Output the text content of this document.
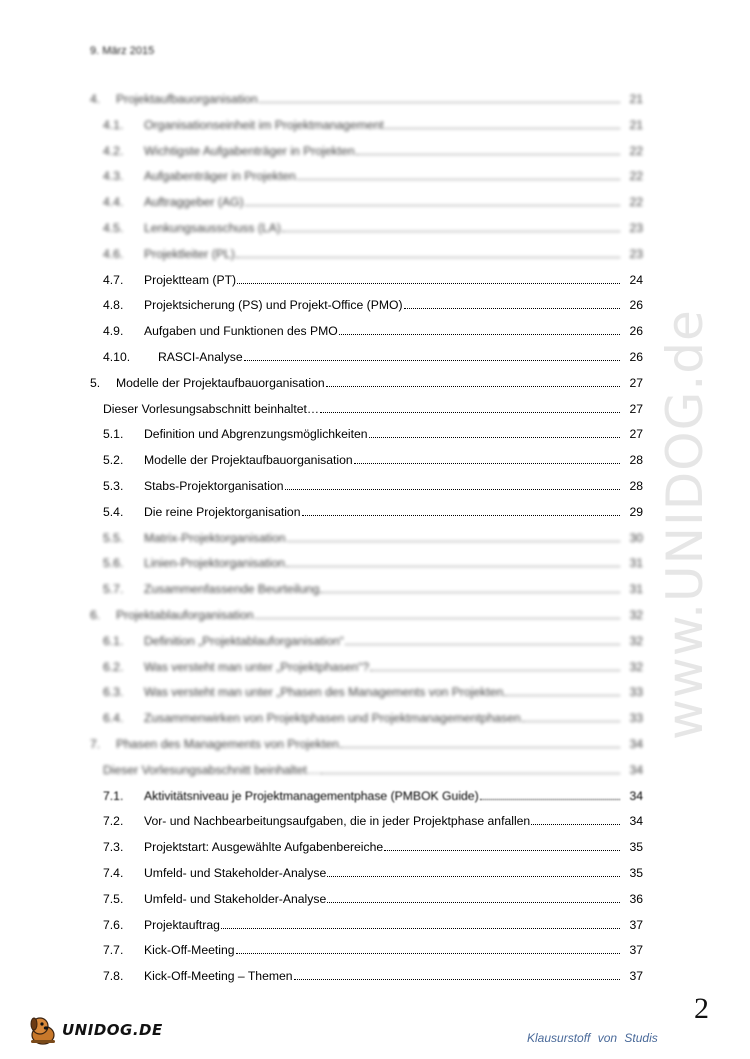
9. März 2015
4.	Projektaufbauorganisation	21
4.1.	Organisationseinheit im Projektmanagement	21
4.2.	Wichtigste Aufgabenträger in Projekten	22
4.3.	Aufgabenträger in Projekten	22
4.4.	Auftraggeber (AG)	22
4.5.	Lenkungsausschuss (LA)	23
4.6.	Projektleiter (PL)	23
4.7.	Projektteam (PT)	24
4.8.	Projektsicherung (PS) und Projekt-Office (PMO)	26
4.9.	Aufgaben und Funktionen des PMO	26
4.10.	RASCI-Analyse	26
5.	Modelle der Projektaufbauorganisation	27
Dieser Vorlesungsabschnitt beinhaltet…	27
5.1.	Definition und Abgrenzungsmöglichkeiten	27
5.2.	Modelle der Projektaufbauorganisation	28
5.3.	Stabs-Projektorganisation	28
5.4.	Die reine Projektorganisation	29
5.5.	Matrix-Projektorganisation	30
5.6.	Linien-Projektorganisation	31
5.7.	Zusammenfassende Beurteilung	31
6.	Projektablauforganisation	32
6.1.	Definition „Projektablauforganisation“	32
6.2.	Was versteht man unter „Projektphasen“?	32
6.3.	Was versteht man unter „Phasen des Managements von Projekten	33
6.4.	Zusammenwirken von Projektphasen und Projektmanagementphasen	33
7.	Phasen des Managements von Projekten	34
Dieser Vorlesungsabschnitt beinhaltet…	34
7.1.	Aktivitätsniveau je Projektmanagementphase (PMBOK Guide)	34
7.2.	Vor- und Nachbearbeitungsaufgaben, die in jeder Projektphase anfallen	34
7.3.	Projektstart: Ausgewählte Aufgabenbereiche	35
7.4.	Umfeld- und Stakeholder-Analyse	35
7.5.	Umfeld- und Stakeholder-Analyse	36
7.6.	Projektauftrag	37
7.7.	Kick-Off-Meeting	37
7.8.	Kick-Off-Meeting – Themen	37
www.UNIDOG.de
2
UNIDOG.DE	Klausurstoff von Studis
